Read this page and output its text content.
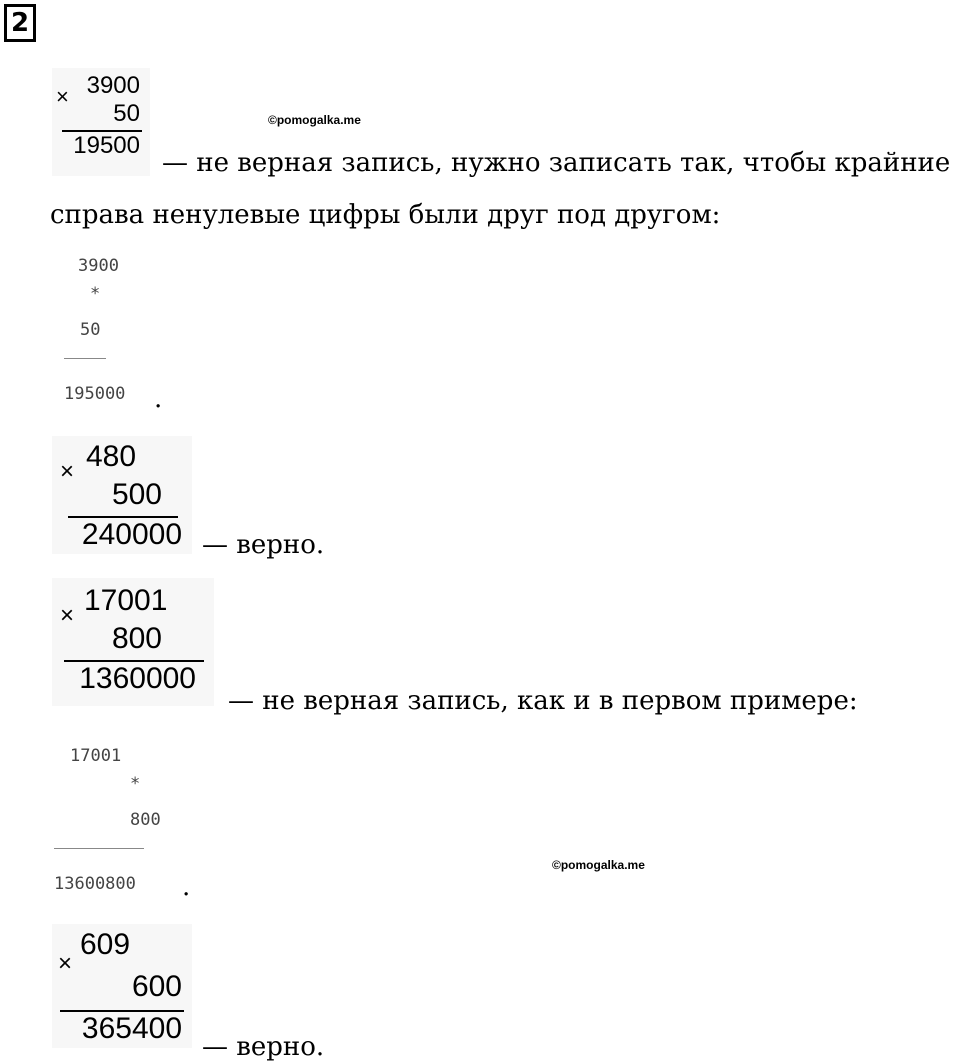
2
× 3900
50
19500
©pomogalka.me
— не верная запись, нужно записать так, чтобы крайние
справа ненулевые цифры были друг под другом:
3900
*
50
195000 .
× 480
500
240000 — верно.
× 17001
800
1360000
— не верная запись, как и в первом примере:
17001
*
800
13600800 .
©pomogalka.me
×
609
600
365400
— верно.
